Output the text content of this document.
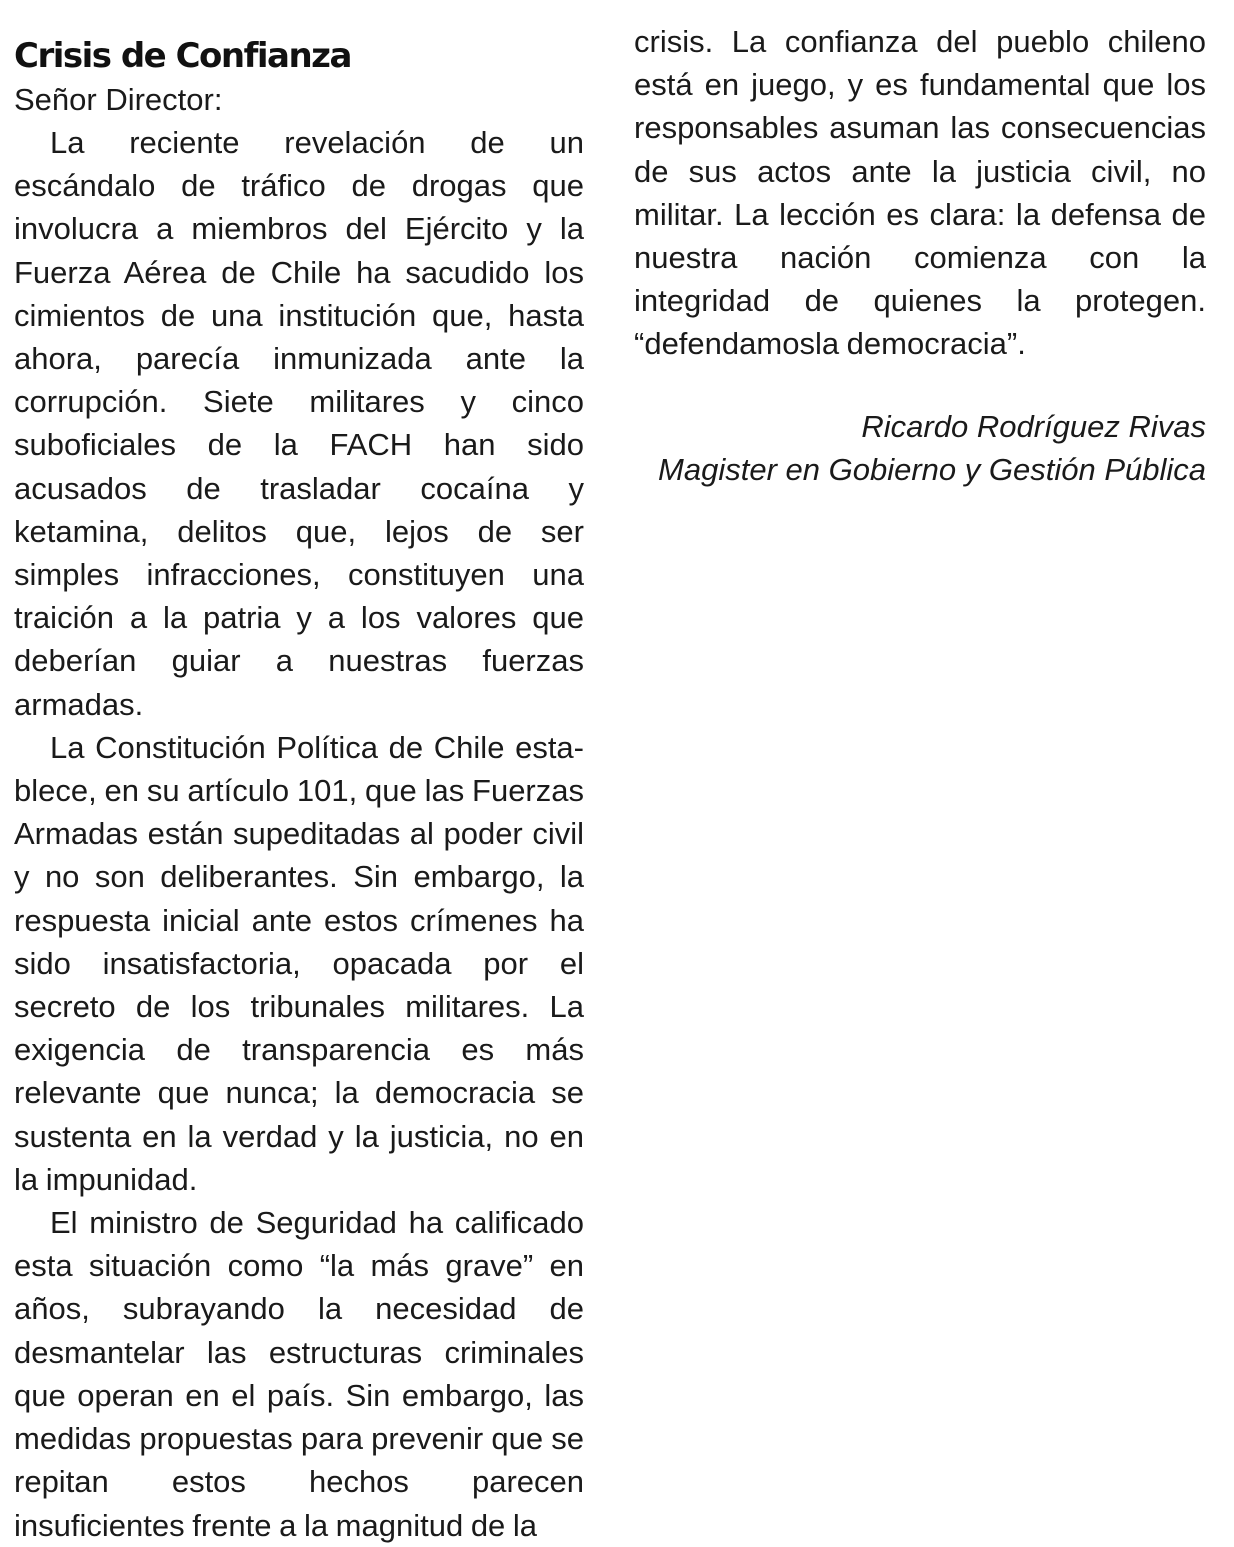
Crisis de Confianza

Señor Director:

La reciente revelación de un escándalo de tráfico de drogas que involucra a miembros del Ejército y la Fuerza Aérea de Chile ha sacudido los cimientos de una institución que, hasta ahora, parecía inmunizada ante la corrupción. Siete militares y cinco suboficiales de la FACH han sido acusados de trasladar cocaína y ketamina, delitos que, lejos de ser simples infracciones, constituyen una traición a la patria y a los valores que deberían guiar a nuestras fuerzas armadas.

La Constitución Política de Chile establece, en su artículo 101, que las Fuerzas Armadas están supeditadas al poder civil y no son deliberantes. Sin embargo, la respuesta inicial ante estos crímenes ha sido insatisfactoria, opacada por el secreto de los tribunales militares. La exigencia de transparencia es más relevante que nunca; la democracia se sustenta en la verdad y la justicia, no en la impunidad.

El ministro de Seguridad ha calificado esta situación como “la más grave” en años, subrayando la necesidad de desmantelar las estructuras criminales que operan en el país. Sin embargo, las medidas propuestas para prevenir que se repitan estos hechos parecen insuficientes frente a la magnitud de la

crisis. La confianza del pueblo chileno está en juego, y es fundamental que los responsables asuman las consecuencias de sus actos ante la justicia civil, no militar. La lección es clara: la defensa de nuestra nación comienza con la integridad de quienes la protegen. “defendamosla democracia”.

Ricardo Rodríguez Rivas
Magister en Gobierno y Gestión Pública
